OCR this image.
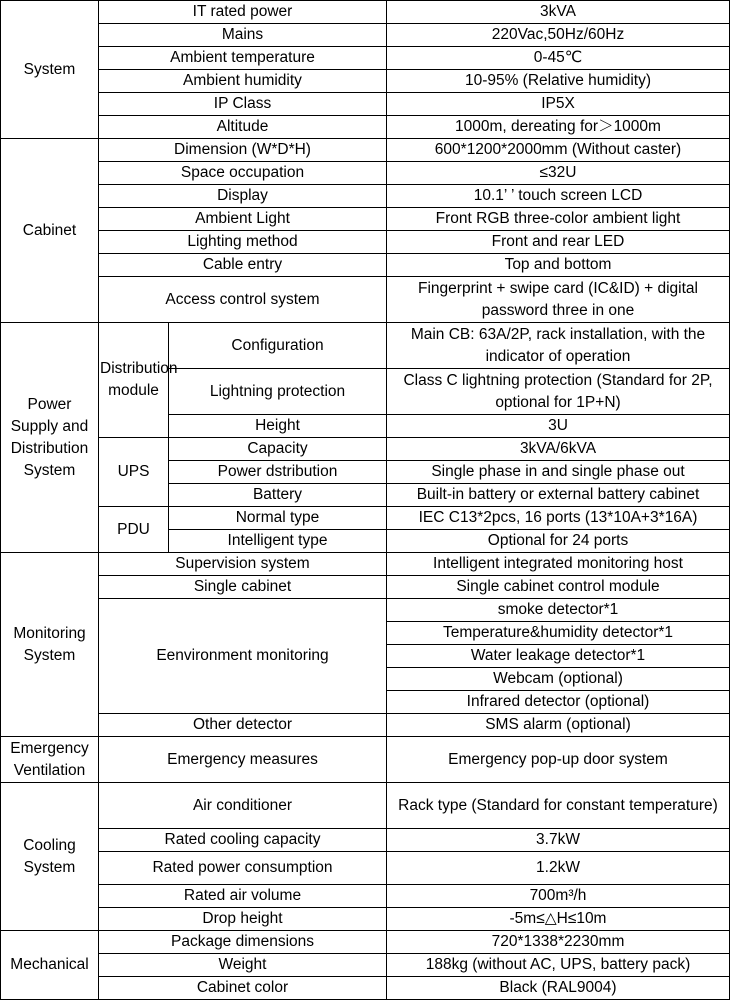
System	IT rated power		3kVA
	Mains		220Vac,50Hz/60Hz
	Ambient temperature		0-45℃
	Ambient humidity		10-95% (Relative humidity)
	IP Class		IP5X
	Altitude		1000m, dereating for＞1000m
Cabinet	Dimension (W*D*H)		600*1200*2000mm (Without caster)
	Space occupation		≤32U
	Display		10.1’ ’ touch screen LCD
	Ambient Light		Front RGB three-color ambient light
	Lighting method		Front and rear LED
	Cable entry		Top and bottom
	Access control system		Fingerprint + swipe card (IC&ID) + digital password three in one
Power Supply and Distribution System	Distribution module	Configuration	Main CB: 63A/2P, rack installation, with the indicator of operation
		Lightning protection	Class C lightning protection (Standard for 2P, optional for 1P+N)
		Height	3U
	UPS	Capacity	3kVA/6kVA
		Power dstribution	Single phase in and single phase out
		Battery	Built-in battery or external battery cabinet
	PDU	Normal type	IEC C13*2pcs, 16 ports (13*10A+3*16A)
		Intelligent type	Optional for 24 ports
Monitoring System	Supervision system		Intelligent integrated monitoring host
	Single cabinet		Single cabinet control module
	Eenvironment monitoring		smoke detector*1
			Temperature&humidity detector*1
			Water leakage detector*1
			Webcam (optional)
			Infrared detector (optional)
	Other detector		SMS alarm (optional)
Emergency Ventilation	Emergency measures		Emergency pop-up door system
Cooling System	Air conditioner		Rack type (Standard for constant temperature)
	Rated cooling capacity		3.7kW
	Rated power consumption		1.2kW
	Rated air volume		700m³/h
	Drop height		-5m≤△H≤10m
Mechanical	Package dimensions		720*1338*2230mm
	Weight		188kg (without AC, UPS, battery pack)
	Cabinet color		Black (RAL9004)
